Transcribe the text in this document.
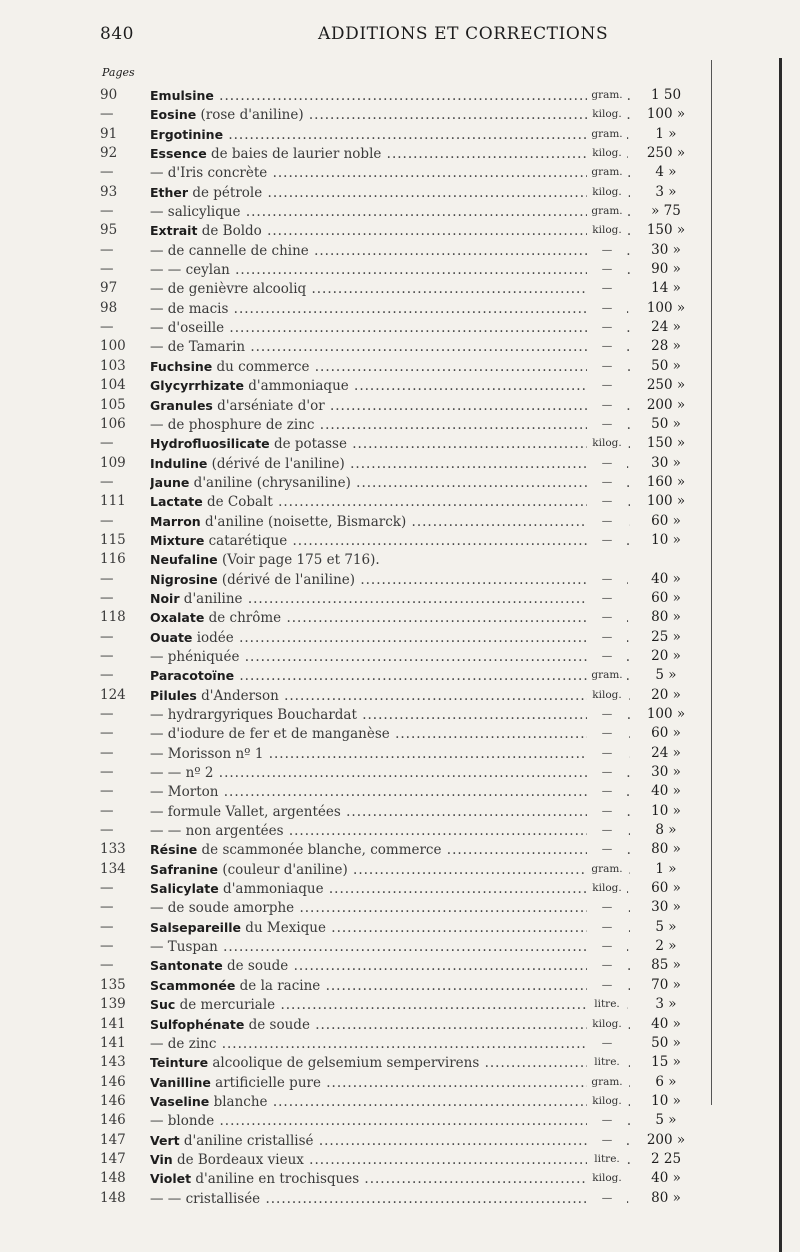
840	ADDITIONS ET CORRECTIONS
Pages
90	Emulsine .....	gram.	1 50
—	Eosine (rose d'aniline) .....	kilog.	100 »
91	Ergotinine .....	gram.	1 »
92	Essence de baies de laurier noble .....	kilog.	250 »
—	— d'Iris concrète .....	gram.	4 »
93	Ether de pétrole .....	kilog.	3 »
—	— salicylique .....	gram.	» 75
95	Extrait de Boldo .....	kilog.	150 »
—	— de cannelle de chine .....	—	30 »
—	— — ceylan .....	—	90 »
97	— de genièvre alcooliq .....	—	14 »
98	— de macis .....	—	100 »
—	— d'oseille .....	—	24 »
100	— de Tamarin .....	—	28 »
103	Fuchsine du commerce .....	—	50 »
104	Glycyrrhizate d'ammoniaque .....	—	250 »
105	Granules d'arséniate d'or .....	—	200 »
106	— de phosphure de zinc .....	—	50 »
—	Hydrofluosilicate de potasse .....	kilog.	150 »
109	Induline (dérivé de l'aniline) .....	—	30 »
—	Jaune d'aniline (chrysaniline) .....	—	160 »
111	Lactate de Cobalt .....	—	100 »
—	Marron d'aniline (noisette, Bismarck) .....	—	60 »
115	Mixture catarétique .....	—	10 »
116	Neufaline (Voir page 175 et 716).
—	Nigrosine (dérivé de l'aniline) .....	—	40 »
—	Noir d'aniline .....	—	60 »
118	Oxalate de chrôme .....	—	80 »
—	Ouate iodée .....	—	25 »
—	— phéniquée .....	—	20 »
—	Paracotoïne .....	gram.	5 »
124	Pilules d'Anderson .....	kilog.	20 »
—	— hydrargyriques Bouchardat .....	—	100 »
—	— d'iodure de fer et de manganèse .....	—	60 »
—	— Morisson nº 1 .....	—	24 »
—	— — nº 2 .....	—	30 »
—	— Morton .....	—	40 »
—	— formule Vallet, argentées .....	—	10 »
—	— — non argentées .....	—	8 »
133	Résine de scammonée blanche, commerce .....	—	80 »
134	Safranine (couleur d'aniline) .....	gram.	1 »
—	Salicylate d'ammoniaque .....	kilog.	60 »
—	— de soude amorphe .....	—	30 »
—	Salsepareille du Mexique .....	—	5 »
—	— Tuspan .....	—	2 »
—	Santonate de soude .....	—	85 »
135	Scammonée de la racine .....	—	70 »
139	Suc de mercuriale .....	litre.	3 »
141	Sulfophénate de soude .....	kilog.	40 »
141	— de zinc .....	—	50 »
143	Teinture alcoolique de gelsemium sempervirens .....	litre.	15 »
146	Vanilline artificielle pure .....	gram.	6 »
146	Vaseline blanche .....	kilog.	10 »
146	— blonde .....	—	5 »
147	Vert d'aniline cristallisé .....	—	200 »
147	Vin de Bordeaux vieux .....	litre.	2 25
148	Violet d'aniline en trochisques .....	kilog.	40 »
148	— — cristallisée .....	—	80 »
